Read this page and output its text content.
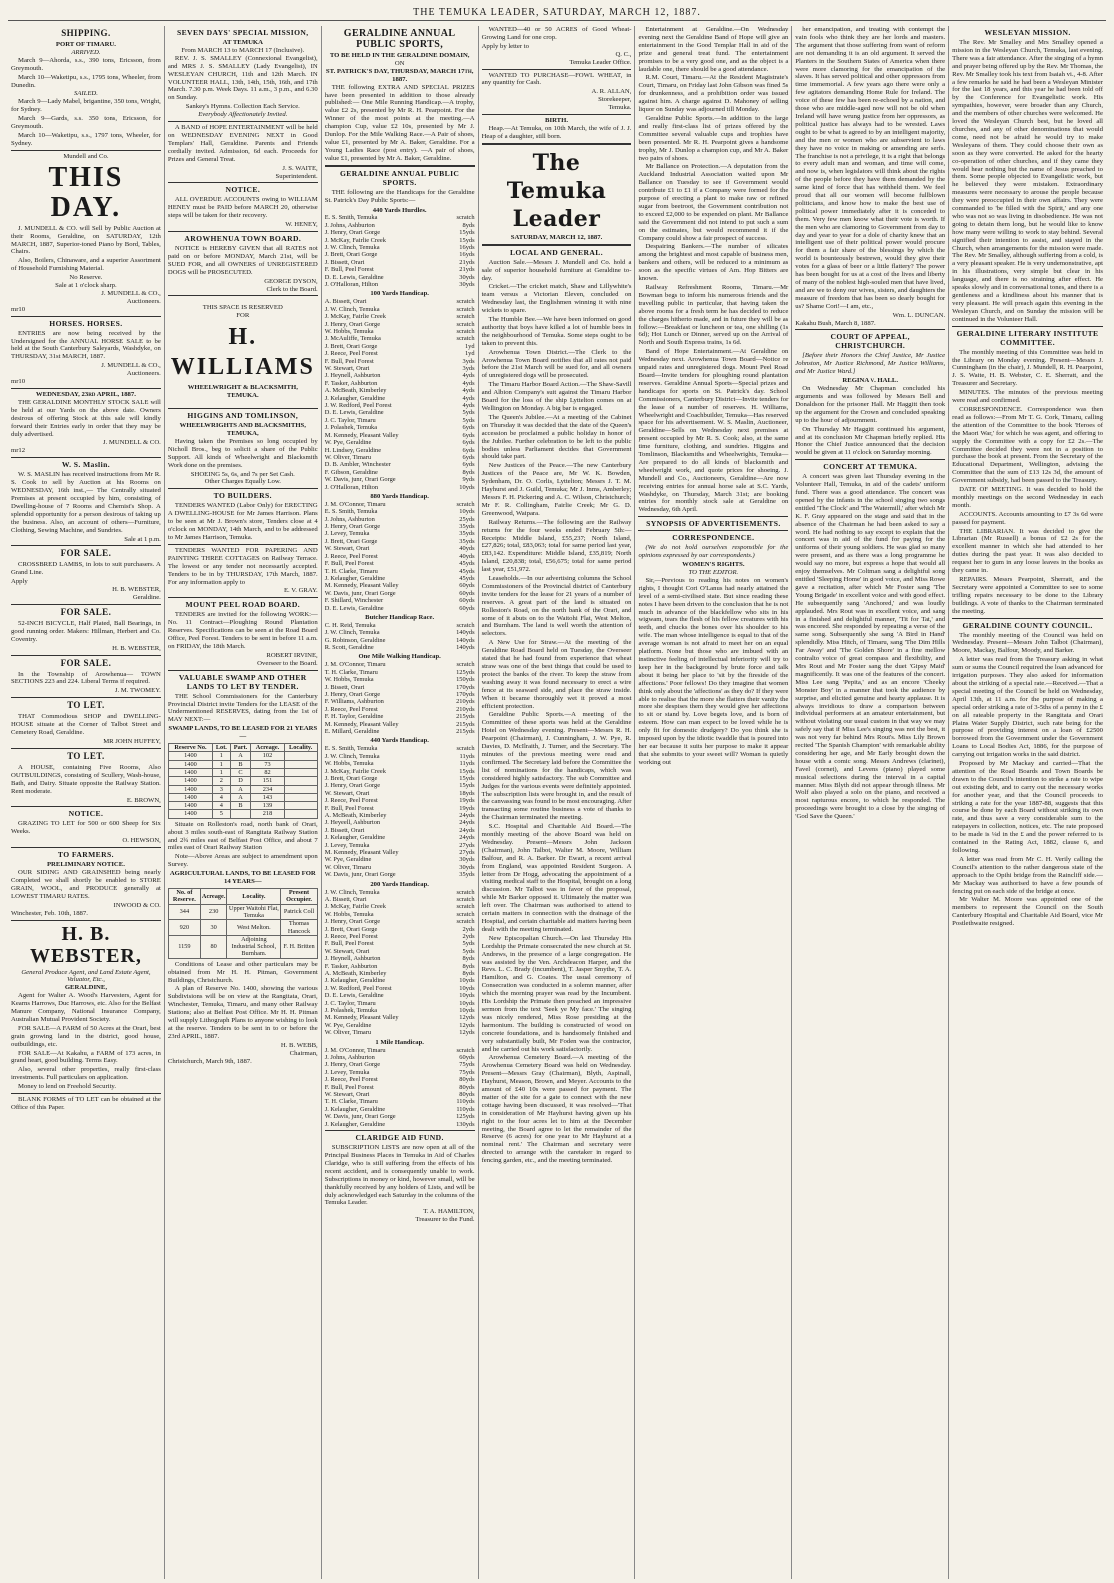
THE TEMUKA LEADER, SATURDAY, MARCH 12, 1887.
SHIPPING.
PORT OF TIMARU.
ARRIVED.

March 9—Ahorda, s.s., 390 tons, Ericsson, from Greymouth.

March 10—Waketipu, s.s., 1795 tons, Wheeler, from Dunedin.

SAILED.

March 9—Lady Mabel, brigantine, 350 tons, Wright, for Sydney.

March 9—Gards, s.s. 350 tons, Ericsson, for Greymouth.

March 10—Waketipu, s.s., 1797 tons, Wheeler, for Sydney.

Mundell and Co.
THIS DAY.

J. MUNDELL & CO. will Sell by Public Auction at their Rooms, Geraldine, on SATURDAY, 12th MARCH, 1887, Superior-toned Piano by Bord, Tables, Chairs.

Also, Boilers, Chinaware, and a superior Assortment of Household Furnishing Material.

No Reserve.
Sale at 1 o'clock sharp.
J. MUNDELL & CO.,
Auctioneers.
mr10
HORSES. HORSES.

ENTRIES are now being received by the Undersigned for the ANNUAL HORSE SALE to be held at the South Canterbury Saleyards, Washdyke, on THURSDAY, 31st MARCH, 1887.

J. MUNDELL & CO.,
Auctioneers.
mr10
WEDNESDAY, 23rd APRIL, 1887.

THE GERALDINE MONTHLY STOCK SALE will be held at our Yards on the above date. Owners desirous of offering Stock at this sale will kindly forward their Entries early in order that they may be duly advertised.

J. MUNDELL & CO.
mr12
W. S. Maslin.

W. S. MASLIN has received instructions from Mr R. S. Cook to sell by Auction at his Rooms on WEDNESDAY, 16th inst.,— The Centrally situated Premises at present occupied by him, consisting of Dwelling-house of 7 Rooms and Chemist's Shop. A splendid opportunity for a person desirous of taking up the business. Also, an account of others—Furniture, Clothing, Sewing Machine, and Sundries.

Sale at 1 p.m.
FOR SALE.

CROSSBRED LAMBS, in lots to suit purchasers. A Grand Line.

Apply
H. B. WEBSTER,
Geraldine.
FOR SALE.

52-INCH BICYCLE, Half Plated, Ball Bearings, in good running order. Makers: Hillman, Herbert and Co. Coventry.

H. B. WEBSTER,
FOR SALE.

In the Township of Arowhenua— TOWN SECTIONS 223 and 224. Liberal Terms if required.

J. M. TWOMEY.
TO LET.

THAT Commodious SHOP and DWELLING-HOUSE situate at the Corner of Talbot Street and Cemetery Road, Geraldine.

MR JOHN HUFFEY,
TO LET.

A HOUSE, containing Five Rooms, Also OUTBUILDINGS, consisting of Scullery, Wash-house, Bath, and Dairy. Situate opposite the Railway Station. Rent moderate.

E. BROWN,
NOTICE.

GRAZING TO LET for 500 or 600 Sheep for Six Weeks.

O. HEWSON,
TO FARMERS.
PRELIMINARY NOTICE.

OUR SIDING AND GRAINSHED being nearly Completed we shall shortly be enabled to STORE GRAIN, WOOL, and PRODUCE generally at LOWEST TIMARU RATES.

INWOOD & CO.
Winchester, Feb. 10th, 1887.
H. B. WEBSTER,
General Produce Agent, and Land Estate Agent, Valuator, Etc.,
GERALDINE,

Agent for Walter A. Wood's Harvesters, Agent for Kearns Harrows, Duc Harrows, etc. Also for the Belfast Manure Company, National Insurance Company, Australian Mutual Provident Society.

FOR SALE—A FARM of 50 Acres at the Orari, best grain growing land in the district, good house, outbuildings, etc.

FOR SALE—At Kakahu, a FARM of 173 acres, in grand heart, good building. Terms Easy.

Also, several other properties, really first-class investments. Full particulars on application.

Money to lend on Freehold Security.

BLANK FORMS of TO LET can be obtained at the Office of this Paper.

SEVEN DAYS' SPECIAL MISSION,
AT TEMUKA
From MARCH 13 to MARCH 17 (Inclusive).

REV. J. S. SMALLEY (Connexional Evangelist), and MRS J. S. SMALLEY (Lady Evangelist), IN WESLEYAN CHURCH, 11th and 12th March. IN VOLUNTEER HALL, 13th, 14th, 15th, 16th, and 17th March. 7.30 p.m. Week Days. 11 a.m., 3 p.m., and 6.30 on Sunday.

Sankey's Hymns. Collection Each Service.
Everybody Affectionately Invited.

A BAND of HOPE ENTERTAINMENT will be held on WEDNESDAY EVENING NEXT in Good Templars' Hall, Geraldine. Parents and Friends cordially invited. Admission, 6d each. Proceeds for Prizes and General Treat.

J. S. WAITE,
Superintendent.
NOTICE.

ALL OVERDUE ACCOUNTS owing to WILLIAM HENEY must be PAID before MARCH 20, otherwise steps will be taken for their recovery.

W. HENEY,
AROWHENUA TOWN BOARD.

NOTICE is HEREBY GIVEN that all RATES not paid on or before MONDAY, March 21st, will be SUED FOR, and all OWNERS of UNREGISTERED DOGS will be PROSECUTED.

GEORGE DYSON,
Clerk to the Board.
THIS SPACE IS RESERVED
FOR
H. WILLIAMS
WHEELWRIGHT & BLACKSMITH,
TEMUKA.
HIGGINS AND TOMLINSON,
WHEELWRIGHTS AND BLACKSMITHS, TEMUKA,

Having taken the Premises so long occupied by Nicholl Bros., beg to solicit a share of the Public Support. All kinds of Wheelwright and Blacksmith Work done on the premises.

SHOEING 5s, 6s, and 7s per Set Cash.
Other Charges Equally Low.
TO BUILDERS.

TENDERS WANTED (Labor Only) for ERECTING A DWELLING-HOUSE for Mr James Harrison. Plans to be seen at Mr J. Brown's store, Tenders close at 4 o'clock on MONDAY, 14th March, and to be addressed to Mr James Harrison, Temuka.

TENDERS WANTED FOR PAPERING AND PAINTING THREE COTTAGES on Railway Terrace. The lowest or any tender not necessarily accepted. Tenders to be in by THURSDAY, 17th March, 1887. For any information apply to

E. V. GRAY.
MOUNT PEEL ROAD BOARD.

TENDERS are invited for the following WORK:— No. 11 Contract—Ploughing Round Plantation Reserves. Specifications can be seen at the Road Board Office, Peel Forest. Tenders to be sent in before 11 a.m. on FRIDAY, the 18th March.

ROBERT IRVINE,
Overseer to the Board.
VALUABLE SWAMP AND OTHER LANDS TO LET BY TENDER.

THE School Commissioners for the Canterbury Provincial District invite Tenders for the LEASE of the Undermentioned RESERVES, dating from the 1st of MAY NEXT:—

SWAMP LANDS, TO BE LEASED FOR 21 YEARS—
Reserve No.	Lot.	Part.	Acreage.	Locality.
1400	1	A	102	
1400	1	B	73	
1400	1	C	82	
1400	2	D	151	
1400	3	A	234	
1400	4	A	143	
1400	4	B	139	
1400	5		218	

Situate on Rolleston's road, north bank of Orari, about 3 miles south-east of Rangitata Railway Station and 2¾ miles east of Belfast Post Office, and about 7 miles east of Orari Railway Station

Note—Above Areas are subject to amendment upon Survey.

AGRICULTURAL LANDS, TO BE LEASED FOR 14 YEARS—
No. of Reserve.	Acreage.	Locality.	Present Occupier.
344	230	Upper Waitohi Flat, Temuka	Patrick Coll
920	30	West Melton.	Thomas Hancock
1159	80	Adjoining Industrial School, Burnham.	F. H. Britten

Conditions of Lease and other particulars may be obtained from Mr H. H. Pitman, Government Buildings, Christchurch.

A plan of Reserve No. 1400, showing the various Subdivisions will be on view at the Rangitata, Orari, Winchester, Temuka, Timaru, and many other Railway Stations; also at Belfast Post Office. Mr H. H. Pitman will supply Lithograph Plans to anyone wishing to look at the reserve. Tenders to be sent in to or before the 23rd APRIL, 1887.

H. B. WEBB,
Chairman,
Christchurch, March 9th, 1887.
GERALDINE ANNUAL PUBLIC SPORTS,
TO BE HELD IN THE GERALDINE DOMAIN,
ON
ST. PATRICK'S DAY, THURSDAY, MARCH 17th, 1887.

THE following EXTRA AND SPECIAL PRIZES have been presented in addition to those already published:— One Mile Running Handicap.—A trophy, value £2 2s, presented by Mr R. H. Pearpoint. For the Winner of the most points at the meeting.—A champion Cup, value £2 10s, presented by Mr J. Dunlop. For the Mile Walking Race.—A Pair of shoes, value £1, presented by Mr A. Baker, Geraldine. For a Young Ladies Race (post entry). —A pair of shoes, value £1, presented by Mr A. Baker, Geraldine.

GERALDINE ANNUAL PUBLIC SPORTS.

THE following are the Handicaps for the Geraldine St. Patrick's Day Public Sports:—

440 Yards Hurdles.
E. S. Smith, Temuka	scratch
J. Johns, Ashburton	8yds
J. Henry, Orari Gorge	15yds
J. McKay, Fairlie Creek	15yds
J. W. Clinch, Temuka	16yds
J. Brett, Orari Gorge	16yds
J. Bissett, Orari	21yds
F. Bull, Peel Forest	21yds
D. E. Lewis, Geraldine	30yds
J. O'Halloran, Hilton	30yds
100 Yards Handicap.
A. Bissett, Orari	scratch
J. W. Clinch, Temuka	scratch
J. McKay, Fairlie Creek	scratch
J. Henry, Orari Gorge	scratch
W. Hobbs, Temuka	scratch
J. McAuliffe, Temuka	scratch
J. Brett, Orari Gorge	1yd
J. Reece, Peel Forest	1yd
F. Bull, Peel Forest	3yds
W. Stewart, Orari	3yds
J. Heynell, Ashburton	4yds
F. Tasker, Ashburton	4yds
A. McBeath, Kimberley	4yds
J. Kelaugher, Geraldine	4yds
J. W. Redford, Peel Forest	4yds
D. E. Lewis, Geraldine	5yds
J. C. Taylor, Timaru	5yds
J. Polashek, Temuka	6yds
M. Kennedy, Pleasant Valley	6yds
W. Pye, Geraldine	6yds
H. Lindsey, Geraldine	6yds
W. Oliver, Timaru	6yds
D. B. Ambler, Winchester	6yds
F. Gibson, Geraldine	8yds
W. Davis, junr, Orari Gorge	9yds
J. O'Halloran, Hilton	10yds
880 Yards Handicap.
J. M. O'Connor, Timaru	scratch
E. S. Smith, Temuka	10yds
J. Johns, Ashburton	25yds
J. Henry, Orari Gorge	35yds
J. Levey, Temuka	35yds
J. Brett, Orari Gorge	35yds
W. Stewart, Orari	40yds
J. Reece, Peel Forest	40yds
F. Bull, Peel Forest	45yds
T. H. Clarke, Timaru	45yds
J. Kelaugher, Geraldine	45yds
M. Kennedy, Pleasant Valley	60yds
W. Davis, junr, Orari Gorge	60yds
F. Shillard, Winchester	60yds
D. E. Lewis, Geraldine	60yds
Butcher Handicap Race.
C. H. Reid, Temuka	scratch
J. W. Clinch, Temuka	140yds
G. Robinson, Geraldine	140yds
R. Scott, Geraldine	140yds
One Mile Walking Handicap.
J. M. O'Connor, Timaru	scratch
T. H. Clarke, Timaru	125yds
W. Hobbs, Temuka	150yds
J. Bissett, Orari	170yds
J. Henry, Orari Gorge	170yds
F. Williams, Ashburton	210yds
J. Reece, Peel Forest	210yds
F. H. Taylor, Geraldine	215yds
M. Kennedy, Pleasant Valley	215yds
E. Millard, Geraldine	215yds
440 Yards Handicap.
E. S. Smith, Temuka	scratch
J. W. Clinch, Temuka	11yds
W. Hobbs, Temuka	11yds
J. McKay, Fairlie Creek	15yds
J. Brett, Orari Gorge	15yds
J. Henry, Orari Gorge	15yds
W. Stewart, Orari	18yds
J. Reece, Peel Forest	19yds
F. Bull, Peel Forest	19yds
A. McBeath, Kimberley	24yds
J. Heyeell, Ashburton	24yds
J. Bissett, Orari	24yds
J. Kelaugher, Geraldine	24yds
J. Levey, Temuka	27yds
M. Kennedy, Pleasant Valley	27yds
W. Pye, Geraldine	30yds
W. Oliver, Timaru	30yds
W. Davis, junr, Orari Gorge	35yds
200 Yards Handicap.
J. W. Clinch, Temuka	scratch
A. Bissett, Orari	scratch
J. McKay, Fairlie Creek	scratch
W. Hobbs, Temuka	scratch
J. Henry, Orari Gorge	scratch
J. Brett, Orari Gorge	2yds
J. Reece, Peel Forest	2yds
F. Bull, Peel Forest	5yds
W. Stewart, Orari	5yds
J. Heynell, Ashburton	8yds
F. Tasker, Ashburton	8yds
A. McBeath, Kimberley	8yds
J. Kelaugher, Geraldine	10yds
J. W. Redford, Peel Forest	10yds
D. E. Lewis, Geraldine	10yds
J. C. Taylor, Timaru	10yds
J. Polashek, Temuka	10yds
M. Kennedy, Pleasant Valley	12yds
W. Pye, Geraldine	12yds
W. Oliver, Timaru	12yds
1 Mile Handicap.
J. M. O'Connor, Timaru	scratch
J. Johns, Ashburton	60yds
J. Henry, Orari Gorge	75yds
J. Levey, Temuka	75yds
J. Reece, Peel Forest	80yds
F. Bull, Peel Forest	80yds
W. Stewart, Orari	80yds
T. H. Clarke, Timaru	110yds
J. Kelaugher, Geraldine	110yds
W. Davis, junr, Orari Gorge	125yds
J. Kelaugher, Geraldine	130yds
CLARIDGE AID FUND.

SUBSCRIPTION LISTS are now open at all of the Principal Business Places in Temuka in Aid of Charles Claridge, who is still suffering from the effects of his recent accident, and is consequently unable to work. Subscriptions in money or kind, however small, will be thankfully received by any holders of Lists, and will be duly acknowledged each Saturday in the columns of the Temuka Leader.

T. A. HAMILTON,
Treasurer to the Fund.

WANTED—40 or 50 ACRES of Good Wheat-Growing Land for one crop.

Apply by letter to
Q. C.,
Temuka Leader Office.

WANTED TO PURCHASE—FOWL WHEAT, in any quantity for Cash.

A. R. ALLAN,
Storekeeper,
Temuka.
BIRTH.

Heap.—At Temuka, on 10th March, the wife of J. J. Heap of a daughter, still born.

The Temuka Leader
SATURDAY, MARCH 12, 1887.
LOCAL AND GENERAL.

Auction Sale.—Messrs J. Mundell and Co. hold a sale of superior household furniture at Geraldine to-day.

Cricket.—The cricket match, Shaw and Lillywhite's team versus a Victorian Eleven, concluded on Wednesday last, the Englishmen winning it with nine wickets to spare.

The Humble Bee.—We have been informed on good authority that boys have killed a lot of humble bees in the neighbourhood of Temuka. Some steps ought to be taken to prevent this.

Arowhenua Town District.—The Clerk to the Arowhenua Town Board notifies that all rates not paid before the 21st March will be sued for, and all owners of unregistered dogs will be prosecuted.

The Timaru Harbor Board Action.—The Shaw-Savill and Albion Company's suit against the Timaru Harbor Board for the loss of the ship Lyttelton comes on at Wellington on Monday. A big bar is engaged.

The Queen's Jubilee.—At a meeting of the Cabinet on Thursday it was decided that the date of the Queen's accession be proclaimed a public holiday in honor of the Jubilee. Further celebration to be left to the public bodies unless Parliament decides that Government should take part.

New Justices of the Peace.—The new Canterbury Justices of the Peace are, Mr W. K. Bowden, Sydenham, Dr. O. Corlis, Lyttelton; Messrs J. T. M. Hayhurst and J. Guild, Temuka; Mr J. Inms, Amberley; Messrs F. H. Pickering and A. C. Wilson, Christchurch; Mr F. R. Collingham, Fairlie Creek; Mr G. D. Greenwood, Waipara.

Railway Returns.—The following are the Railway returns for the four weeks ended February 5th:—Receipts: Middle Island, £55,237; North Island, £27,826; total, £83,063; total for same period last year, £83,142. Expenditure: Middle Island, £35,819; North Island, £20,838; total, £56,675; total for same period last year, £51,972.

Leaseholds.—In our advertising columns the School Commissioners of the Provincial district of Canterbury invite tenders for the lease for 21 years of a number of reserves. A great part of the land is situated on Rolleston's Road, on the north bank of the Orari, and some of it abuts on to the Waitohi Flat, West Melton, and Burnham. The land is well worth the attention of selectors.

A New Use for Straw.—At the meeting of the Geraldine Road Board held on Tuesday, the Overseer stated that he had found from experience that wheat straw was one of the best things that could be used to protect the banks of the river. To keep the straw from washing away it was found necessary to erect a wire fence at its seaward side, and place the straw inside. When it became thoroughly wet it proved a most efficient protection.

Geraldine Public Sports.—A meeting of the Committee of these sports was held at the Geraldine Hotel on Wednesday evening. Present—Messrs R. H. Pearpoint (Chairman), J. Cunningham, J. W. Pye, R. Davies, D. McIlraith, J. Turner, and the Secretary. The minutes of the previous meeting were read and confirmed. The Secretary laid before the Committee the list of nominations for the handicaps, which was considered highly satisfactory. The sub Committee and Judges for the various events were definitely appointed. The subscription lists were brought in, and the result of the canvassing was found to be most encouraging. After transacting some routine business a vote of thanks to the Chairman terminated the meeting.

S.C. Hospital and Charitable Aid Board.—The monthly meeting of the above Board was held on Wednesday. Present—Messrs John Jackson (Chairman), John Talbot, Walter M. Moore, William Balfour, and R. A. Barker. Dr Ewart, a recent arrival from England, was appointed Resident Surgeon. A letter from Dr Hogg, advocating the appointment of a visiting medical staff to the Hospital, brought on a long discussion. Mr Talbot was in favor of the proposal, while Mr Barker opposed it. Ultimately the matter was left over. The Chairman was authorised to attend to certain matters in connection with the drainage of the Hospital, and certain charitable aid matters having been dealt with the meeting terminated.

New Episcopalian Church.—On last Thursday His Lordship the Primate consecrated the new church at St. Andrews, in the presence of a large congregation. He was assisted by the Ven. Archdeacon Harper, and the Revs. L. C. Brady (incumbent), T. Jasper Smythe, T. A. Hamilton, and G. Coates. The usual ceremony of Consecration was conducted in a solemn manner, after which the morning prayer was read by the Incumbent. His Lordship the Primate then preached an impressive sermon from the text 'Seek ye My face.' The singing was nicely rendered, Miss Rose presiding at the harmonium. The building is constructed of wood on concrete foundations, and is handsomely finished and very substantially built, Mr Foden was the contractor, and he carried out his work satisfactorily.

Arowhenua Cemetery Board.—A meeting of the Arowhenua Cemetery Board was held on Wednesday. Present—Messrs Gray (Chairman), Blyth, Aspinall, Hayhurst, Meason, Brown, and Meyer. Accounts to the amount of £40 10s were passed for payment. The matter of the site for a gate to connect with the new cottage having been discussed, it was resolved—'That in consideration of Mr Hayhurst having given up his right to the four acres let to him at the December meeting, the Board agree to let the remainder of the Reserve (6 acres) for one year to Mr Hayhurst at a nominal rent.' The Chairman and secretary were directed to arrange with the caretaker in regard to fencing garden, etc., and the meeting terminated.

Entertainment at Geraldine.—On Wednesday evening next the Geraldine Band of Hope will give an entertainment in the Good Templar Hall in aid of the prize and general treat fund. The entertainment promises to be a very good one, and as the object is a laudable one, there should be a good attendance.

R.M. Court, Timaru.—At the Resident Magistrate's Court, Timaru, on Friday last John Gibson was fined 5s for drunkenness, and a prohibition order was issued against him. A charge against D. Mahoney of selling liquor on Sunday was adjourned till Monday.

Geraldine Public Sports.—In addition to the large and really first-class list of prizes offered by the Committee several valuable cups and trophies have been presented. Mr R. H. Pearpoint gives a handsome trophy, Mr J. Dunlop a champion cup, and Mr A. Baker two pairs of shoes.

Mr Ballance on Protection.—A deputation from the Auckland Industrial Association waited upon Mr Ballance on Tuesday to see if Government would contribute £1 to £1 if a Company were formed for the purpose of erecting a plant to make raw or refined sugar from beetroot, the Government contribution not to exceed £2,000 to be expended on plant. Mr Ballance said the Government did not intend to put such a sum on the estimates, but would recommend it if the Company could show a fair prospect of success.

Despairing Bankers.—The number of silicates among the brightest and most capable of business men, bankers and others, will be reduced to a minimum as soon as the specific virtues of Am. Hop Bitters are known.

Railway Refreshment Rooms, Timaru.—Mr Bowman begs to inform his numerous friends and the travelling public in particular, that having taken the above rooms for a fresh term he has decided to reduce the charges hitherto made, and in future they will be as follow:—Breakfast or luncheon or tea, one shilling (1s 6d); Hot Lunch or Dinner, served up on the Arrival of North and South Express trains, 1s 6d.

Band of Hope Entertainment.—At Geraldine on Wednesday next. Arowhenua Town Board—Notice re unpaid rates and unregistered dogs. Mount Peel Road Board—Invite tenders for ploughing round plantation reserves. Geraldine Annual Sports—Special prizes and handicaps for sports on St. Patrick's day. School Commissioners, Canterbury District—Invite tenders for the lease of a number of reserves. H. Williams, Wheelwright and Coachbuilder, Temuka—Has reserved space for his advertisement. W. S. Maslin, Auctioneer, Geraldine—Sells on Wednesday next premises at present occupied by Mr R. S. Cook; also, at the same time furniture, clothing, and sundries. Higgins and Tomlinson, Blacksmiths and Wheelwrights, Temuka—Are prepared to do all kinds of blacksmith and wheelwright work, and quote prices for shoeing. J. Mundell and Co., Auctioneers, Geraldine—Are now receiving entries for annual horse sale at S.C. Yards, Washdyke, on Thursday, March 31st; are booking entries for monthly stock sale at Geraldine on Wednesday, 6th April.

SYNOPSIS OF ADVERTISEMENTS.
CORRESPONDENCE.

(We do not hold ourselves responsible for the opinions expressed by our correspondents.)

WOMEN'S RIGHTS.
TO THE EDITOR.

Sir,—Previous to reading his notes on women's rights, I thought Cori O'Lanus had nearly attained the level of a semi-civilised state. But since reading these notes I have been driven to the conclusion that he is not much in advance of the blackfellow who sits in his wigwam, tears the flesh of his fellow creatures with his teeth, and chucks the bones over his shoulder to his wife. The man whose intelligence is equal to that of the average woman is not afraid to meet her on an equal platform. None but those who are imbued with an instinctive feeling of intellectual inferiority will try to keep her in the background by brute force and talk about it being her place to 'sit by the fireside of the affections.' Poor fellows! Do they imagine that women think only about the 'affections' as they do? If they were able to realise that the more she flatters their vanity the more she despises them they would give her affections to sit or stand by. Love begets love, and is born of esteem. How can man expect to be loved while he is only fit for domestic drudgery? Do you think she is imposed upon by the idiotic twaddle that is poured into her ear because it suits her purpose to make it appear that she submits to your sweet will? Woman is quietly working out

her emancipation, and treating with contempt the vain fools who think they are her lords and masters. The argument that those suffering from want of reform are not demanding it is an old argument. It served the Planters in the Southern States of America when there were more clamoring for the emancipation of the slaves. It has served political and other oppressors from time immemorial. A few years ago there were only a few agitators demanding Home Rule for Ireland. The voice of these few has been re-echoed by a nation, and those who are middle-aged now will not be old when Ireland will have wrung justice from her oppressors, as political justice has always had to be wrested. Laws ought to be what is agreed to by an intelligent majority, and the men or women who are subservient to laws they have no voice in making or amending are serfs. The franchise is not a privilege, it is a right that belongs to every adult man and woman, and time will come, and now is, when legislators will think about the rights of the people before they have them demanded by the same kind of force that has withheld them. We feel proud that all our women will become fullblown politicians, and know how to make the best use of political power immediately after it is conceded to them. Very few men know what their vote is worth. If the men who are clamoring to Government from day to day and year to year for a dole of charity knew that an intelligent use of their political power would procure for them a fair share of the blessings by which the world is bounteously bestrewn, would they give their votes for a glass of beer or a little flattery? The power has been bought for us at a cost of the lives and liberty of many of the noblest high-souled men that have lived, and are we to deny our wives, sisters, and daughters the measure of freedom that has been so dearly bought for us? Shame Cori!—I am, etc.,

Wm. L. DUNCAN.
Kakahu Bush, March 8, 1887.
COURT OF APPEAL, CHRISTCHURCH.

[Before their Honors the Chief Justice, Mr Justice Johnston, Mr Justice Richmond, Mr Justice Williams, and Mr Justice Ward.]

REGINA v. HALL.

On Wednesday Mr Chapman concluded his arguments and was followed by Messrs Bell and Donaldson for the prisoner Hall. Mr Haggitt then took up the argument for the Crown and concluded speaking up to the hour of adjournment.

On Thursday Mr Haggitt continued his argument, and at its conclusion Mr Chapman briefly replied. His Honor the Chief Justice announced that the decision would be given at 11 o'clock on Saturday morning.

CONCERT AT TEMUKA.

A concert was given last Thursday evening in the Volunteer Hall, Temuka, in aid of the cadets' uniform fund. There was a good attendance. The concert was opened by the infants in the school singing two songs entitled 'The Clock' and 'The Watermill,' after which Mr K. F. Gray appeared on the stage and said that in the absence of the Chairman he had been asked to say a word. He had nothing to say except to explain that the concert was in aid of the fund for paying for the uniforms of their young soldiers. He was glad so many were present, and as there was a long programme he would say no more, but express a hope that would all enjoy themselves. Mr Coltman sang a delightful song entitled 'Sleeping Home' in good voice, and Miss Rowe gave a recitation, after which Mr Foster sang 'The Young Brigade' in excellent voice and with good effect. He subsequently sang 'Anchored,' and was loudly applauded. Mrs Rout was in excellent voice, and sang in a finished and delightful manner, 'Tit for Tat,' and was encored. She responded by repeating a verse of the same song. Subsequently she sang 'A Bird in Hand' splendidly. Miss Hitch, of Timaru, sang 'The Dim Hills Far Away' and 'The Golden Shore' in a fine mellow contralto voice of great compass and flexibility, and Mrs Rout and Mr Foster sang the duet 'Gipsy Maid' magnificently. It was one of the features of the concert. Miss Lee sang 'Pepita,' and as an encore 'Cheeky Monster Boy' in a manner that took the audience by surprise, and elicited genuine and hearty applause. It is always invidious to draw a comparison between individual performers at an amateur entertainment, but without violating our usual custom in that way we may safely say that if Miss Lee's singing was not the best, it was not very far behind Mrs Rout's. Miss Lily Brown recited 'The Spanish Champion' with remarkable ability considering her age, and Mr Early brought down the house with a comic song. Messrs Andrews (clarinet), Favel (cornet), and Levens (piano) played some musical selections during the interval in a capital manner. Miss Blyth did not appear through illness. Mr Wolf also played a solo on the piano, and received a most rapturous encore, to which he responded. The proceedings were brought to a close by the singing of 'God Save the Queen.'

WESLEYAN MISSION.

The Rev. Mr Smalley and Mrs Smalley opened a mission in the Wesleyan Church, Temuka, last evening. There was a fair attendance. After the singing of a hymn and prayer being offered up by the Rev. Mr Thomas, the Rev. Mr Smalley took his text from Isaiah vi., 4-8. After a few remarks he said he had been a Wesleyan Minister for the last 18 years, and this year he had been told off by the Conference for Evangelistic work. His sympathies, however, were broader than any Church, and the members of other churches were welcomed. He loved the Wesleyan Church best, but he loved all churches, and any of other denominations that would come, need not be afraid he would try to make Wesleyans of them. They could choose their own as soon as they were converted. He asked for the hearty co-operation of other churches, and if they came they would hear nothing but the name of Jesus preached to them. Some people objected to Evangelistic work, but he believed they were mistaken. Extraordinary measures were necessary to arouse the people because they were preoccupied in their own affairs. They were commanded to 'be filled with the Spirit,' and any one who was not so was living in disobedience. He was not going to detain them long, but he would like to know how many were willing to work to stay behind. Several signified their intention to assist, and stayed in the Church, when arrangements for the mission were made. The Rev. Mr Smalley, although suffering from a cold, is a very pleasant speaker. He is very undemonstrative, apt in his illustrations, very simple but clear in his language, and there is no straining after effect. He speaks slowly and in conversational tones, and there is a gentleness and a kindliness about his manner that is very pleasant. He will preach again this evening in the Wesleyan Church, and on Sunday the mission will be continued in the Volunteer Hall.

GERALDINE LITERARY INSTITUTE COMMITTEE.

The monthly meeting of this Committee was held in the Library on Monday evening. Present—Messrs J. Cunningham (in the chair), J. Mundell, R. H. Pearpoint, J. S. Waite, H. B. Webster, C. E. Sherratt, and the Treasurer and Secretary.

MINUTES. The minutes of the previous meeting were read and confirmed.

CORRESPONDENCE. Correspondence was then read as follows:—From Mr T. G. Cork, Timaru, calling the attention of the Committee to the book 'Heroes of the Maori War,' for which he was agent, and offering to supply the Committee with a copy for £2 2s.—The Committee decided they were not in a position to purchase the book at present. From the Secretary of the Educational Department, Wellington, advising the Committee that the sum of £13 12s 3d, the amount of Government subsidy, had been passed to the Treasury.

DATE OF MEETING. It was decided to hold the monthly meetings on the second Wednesday in each month.

ACCOUNTS. Accounts amounting to £7 3s 6d were passed for payment.

THE LIBRARIAN. It was decided to give the Librarian (Mr Russell) a bonus of £2 2s for the excellent manner in which she had attended to her duties during the past year. It was also decided to request her to gum in any loose leaves in the books as they came in.

REPAIRS. Messrs Pearpoint, Sherratt, and the Secretary were appointed a Committee to see to some trifling repairs necessary to be done to the Library buildings. A vote of thanks to the Chairman terminated the meeting.

GERALDINE COUNTY COUNCIL.

The monthly meeting of the Council was held on Wednesday. Present—Messrs John Talbot (Chairman), Moore, Mackay, Balfour, Moody, and Barker.

A letter was read from the Treasury asking in what sum or sums the Council required the loan advanced for irrigation purposes. They also asked for information about the striking of a special rate.—Received.—That a special meeting of the Council be held on Wednesday, April 13th, at 11 a.m. for the purpose of making a special order striking a rate of 3-5ths of a penny in the £ on all rateable property in the Rangitata and Orari Plains Water Supply District, such rate being for the purpose of providing interest on a loan of £2500 borrowed from the Government under the Government Loans to Local Bodies Act, 1886, for the purpose of carrying out irrigation works in the said district.

Proposed by Mr Mackay and carried—That the attention of the Road Boards and Town Boards be drawn to the Council's intention to strike a rate to wipe out existing debt, and to carry out the necessary works for another year, and that the Council proceeds to striking a rate for the year 1887-88, suggests that this course be done by each Board without striking its own rate, and thus save a very considerable sum to the ratepayers in collection, notices, etc. The rate proposed to be made is ¼d in the £ and the power referred to is contained in the Rating Act, 1882, clause 6, and following.

A letter was read from Mr C. H. Verily calling the Council's attention to the rather dangerous state of the approach to the Opihi bridge from the Raincliff side.—Mr Mackay was authorised to have a few pounds of fencing put on each side of the bridge at once.

Mr Walter M. Moore was appointed one of the members to represent the Council on the South Canterbury Hospital and Charitable Aid Board, vice Mr Postlethwaite resigned.
